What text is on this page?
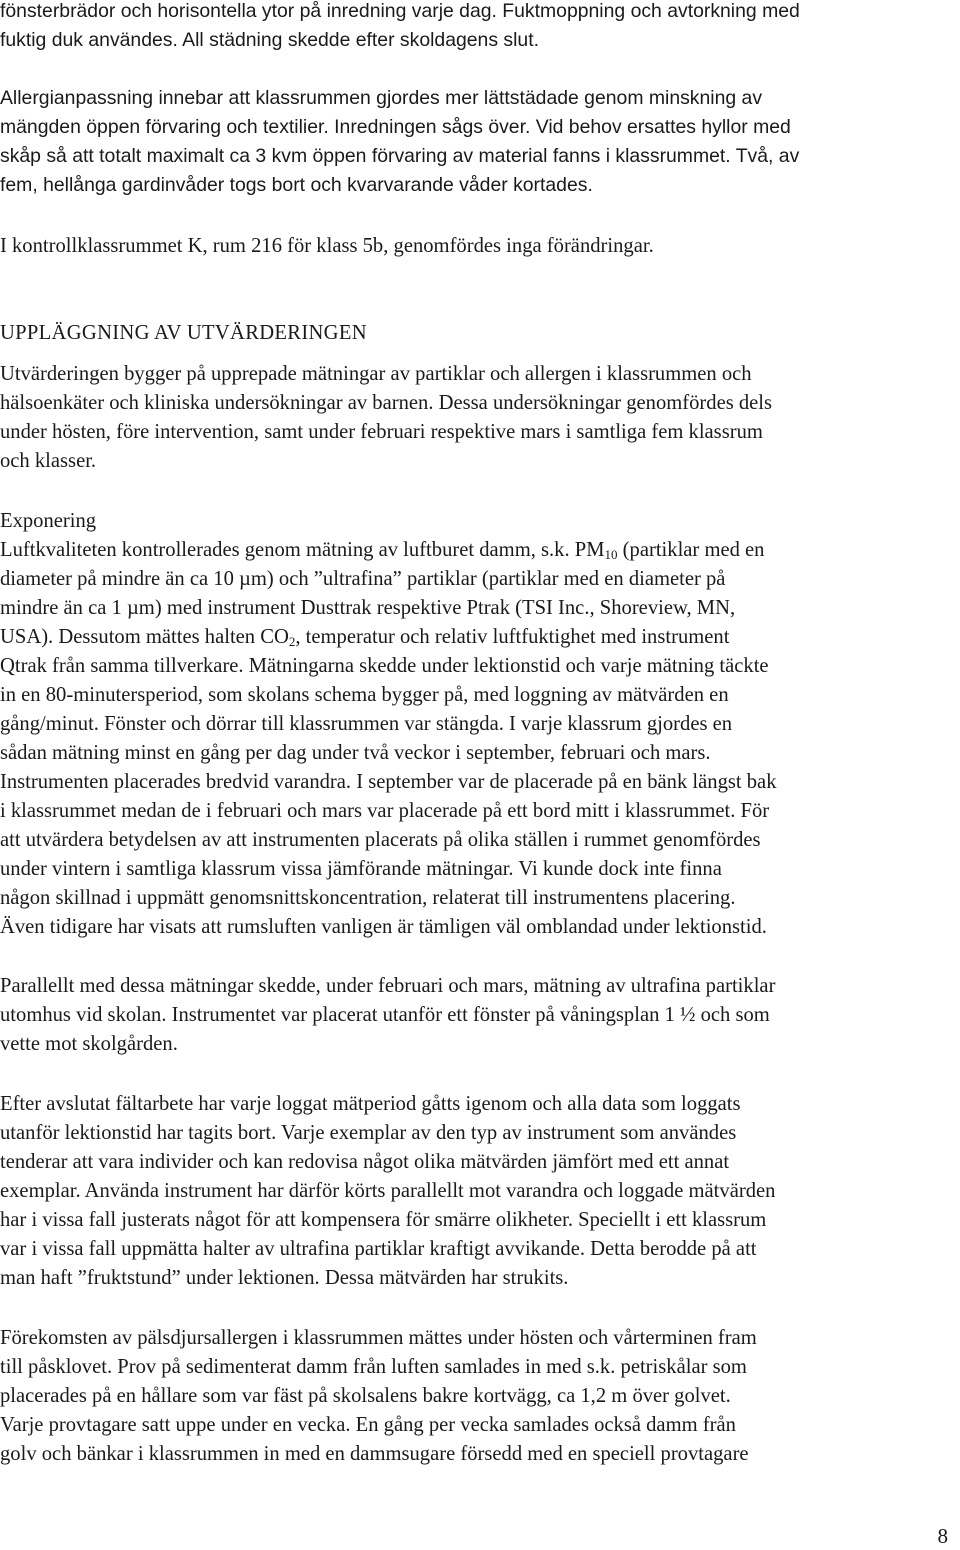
fönsterbrädor och horisontella ytor på inredning varje dag. Fuktmoppning och avtorkning med
fuktig duk användes. All städning skedde efter skoldagens slut.
Allergianpassning innebar att klassrummen gjordes mer lättstädade genom minskning av
mängden öppen förvaring och textilier. Inredningen sågs över. Vid behov ersattes hyllor med
skåp så att totalt maximalt ca 3 kvm öppen förvaring av material fanns i klassrummet. Två, av
fem, hellånga gardinvåder togs bort och kvarvarande våder kortades.
I kontrollklassrummet K, rum 216 för klass 5b, genomfördes inga förändringar.
UPPLÄGGNING AV UTVÄRDERINGEN
Utvärderingen bygger på upprepade mätningar av partiklar och allergen i klassrummen och
hälsoenkäter och kliniska undersökningar av barnen. Dessa undersökningar genomfördes dels
under hösten, före intervention, samt under februari respektive mars i samtliga fem klassrum
och klasser.
Exponering
Luftkvaliteten kontrollerades genom mätning av luftburet damm, s.k. $PM_{10}$ (partiklar med en
diameter på mindre än ca 10 µm) och ”ultrafina” partiklar (partiklar med en diameter på
mindre än ca 1 µm) med instrument Dusttrak respektive Ptrak (TSI Inc., Shoreview, MN,
USA). Dessutom mättes halten $CO_2$, temperatur och relativ luftfuktighet med instrument
Qtrak från samma tillverkare. Mätningarna skedde under lektionstid och varje mätning täckte
in en 80-minutersperiod, som skolans schema bygger på, med loggning av mätvärden en
gång/minut. Fönster och dörrar till klassrummen var stängda. I varje klassrum gjordes en
sådan mätning minst en gång per dag under två veckor i september, februari och mars.
Instrumenten placerades bredvid varandra. I september var de placerade på en bänk längst bak
i klassrummet medan de i februari och mars var placerade på ett bord mitt i klassrummet. För
att utvärdera betydelsen av att instrumenten placerats på olika ställen i rummet genomfördes
under vintern i samtliga klassrum vissa jämförande mätningar. Vi kunde dock inte finna
någon skillnad i uppmätt genomsnittskoncentration, relaterat till instrumentens placering.
Även tidigare har visats att rumsluften vanligen är tämligen väl omblandad under lektionstid.
Parallellt med dessa mätningar skedde, under februari och mars, mätning av ultrafina partiklar
utomhus vid skolan. Instrumentet var placerat utanför ett fönster på våningsplan 1 ½ och som
vette mot skolgården.
Efter avslutat fältarbete har varje loggat mätperiod gåtts igenom och alla data som loggats
utanför lektionstid har tagits bort. Varje exemplar av den typ av instrument som användes
tenderar att vara individer och kan redovisa något olika mätvärden jämfört med ett annat
exemplar. Använda instrument har därför körts parallellt mot varandra och loggade mätvärden
har i vissa fall justerats något för att kompensera för smärre olikheter. Speciellt i ett klassrum
var i vissa fall uppmätta halter av ultrafina partiklar kraftigt avvikande. Detta berodde på att
man haft ”fruktstund” under lektionen. Dessa mätvärden har strukits.
Förekomsten av pälsdjursallergen i klassrummen mättes under hösten och vårterminen fram
till påsklovet. Prov på sedimenterat damm från luften samlades in med s.k. petriskålar som
placerades på en hållare som var fäst på skolsalens bakre kortvägg, ca 1,2 m över golvet.
Varje provtagare satt uppe under en vecka. En gång per vecka samlades också damm från
golv och bänkar i klassrummen in med en dammsugare försedd med en speciell provtagare
8
